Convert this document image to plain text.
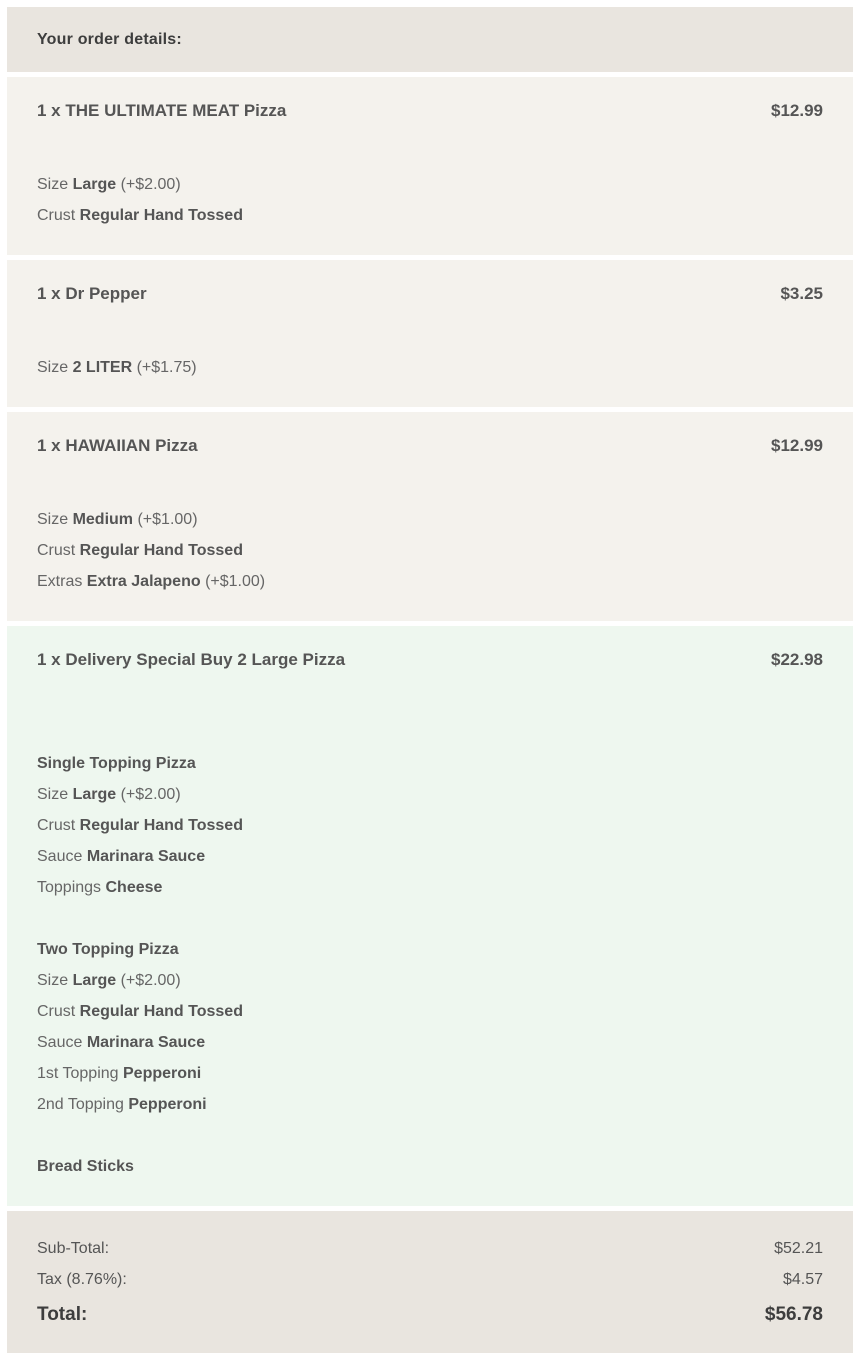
Your order details:
1 x THE ULTIMATE MEAT Pizza	$12.99
Size Large (+$2.00)
Crust Regular Hand Tossed
1 x Dr Pepper	$3.25
Size 2 LITER (+$1.75)
1 x HAWAIIAN Pizza	$12.99
Size Medium (+$1.00)
Crust Regular Hand Tossed
Extras Extra Jalapeno (+$1.00)
1 x Delivery Special Buy 2 Large Pizza	$22.98
Single Topping Pizza
Size Large (+$2.00)
Crust Regular Hand Tossed
Sauce Marinara Sauce
Toppings Cheese
Two Topping Pizza
Size Large (+$2.00)
Crust Regular Hand Tossed
Sauce Marinara Sauce
1st Topping Pepperoni
2nd Topping Pepperoni
Bread Sticks
Sub-Total:	$52.21
Tax (8.76%):	$4.57
Total:	$56.78
